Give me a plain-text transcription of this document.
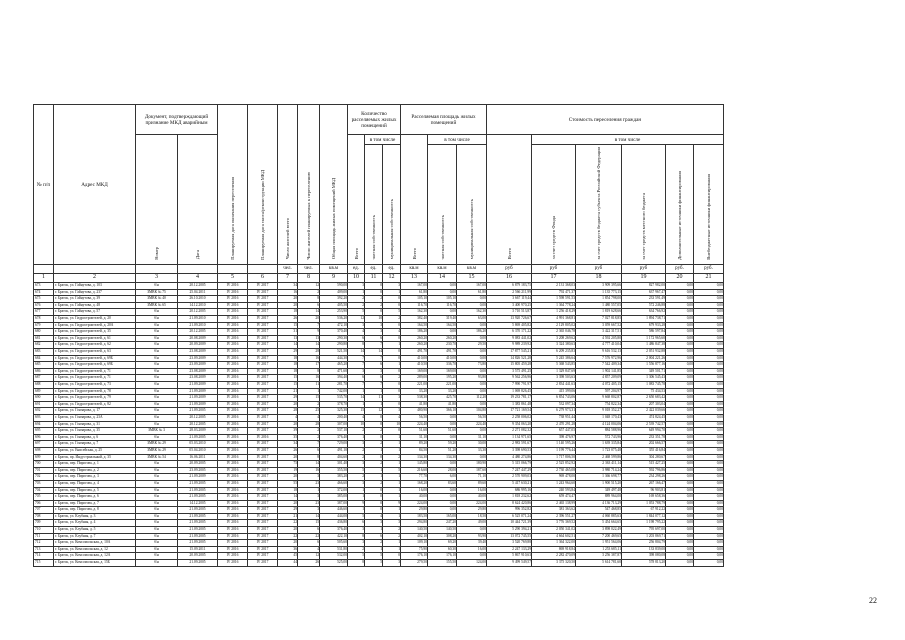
№ п/п	Адрес МКД	Документ, подтверждающий признание МКД аварийным		Планируемая дата окончания переселения	Планируемая дата сноса/реконструкции МКД	Число жителей всего	Число жителей планируемых к переселению	Общая площадь жилых помещений МКД	Количество расселяемых жилых помещений			Расселяемая площадь жилых помещений			Стоимость переселения граждан					
		Номер	Дата						Всего	в том числе		Всего	в том числе		Всего	в том числе				
										частная собственность	муниципальная собственность		частная собственность	муниципальная собственность		за счет средств Фонда	за счет средств бюджета субъекта Российской Федерации	за счет средств местного бюджета	Дополнительные источники финансирования	Внебюджетные источники финансирования
						чел.	чел.	кв.м	ед.	ед.	ед.	кв.м	кв.м	кв.м	руб	руб	руб	руб	руб.	руб.
1	2	3	4	5	6	7	8	9	10	11	12	13	14	15	16	17	18	19	20	21
673	г. Братск, ул. Гайнутова, д. 103	б/н	20.12.2005	IV 2016	IV 2017	34	12	590,00	3	0	3	167,00	0,00	167,00	6 879 183,75	2 131 368,03	3 909 395,66	827 982,00	0,00	0,00
674	г. Братск, ул. Гайнутова, д. 237	ЗМВК № 75	25.04.2011	IV 2016	IV 2017	16	2	409,00	1	0	1	61,80	0,00	61,80	2 566 211,99	792 471,37	1 135 773,15	637 967,47	0,00	0,00
675	г. Братск, ул. Гайнутова, д. 39	ЗМВК № 40	26.10.2010	IV 2016	IV 2017	20	8	392,20	2	2	0	105,10	105,10	0,00	3 667 119,44	1 598 591,53	1 854 798,00	233 591,49	0,00	0,00
676	г. Братск, ул. Гайнутова, д. 48	ЗМВК № 65	14.12.2010	IV 2016	IV 2017	20	6	405,50	2	2	0	116,70	116,70	0,00	3 400 970,25	1 364 778,24	1 480 557,05	572 246,88	0,00	0,00
677	г. Братск, ул. Гайнутова, д. 57	б/н	20.12.2005	IV 2016	IV 2017	18	14	253,90	5	0	5	162,30	0,00	162,30	3 710 513,87	1 256 418,29	1 819 628,66	634 766,92	0,00	0,00
678	г. Братск, ул. Гидростроителей, д. 20	б/н	21.09.2010	IV 2016	IV 2017	26	20	536,20	12	10	2	382,40	319,40	63,00	13 920 726,67	4 991 368,81	7 027 818,85	1 894 738,71	0,00	0,00
679	г. Братск, ул. Гидростроителей, д. 20А	б/н	21.09.2010	IV 2016	IV 2017	15	7	472,10	3	3	0	164,50	164,50	0,00	5 869 405,82	2 129 805,02	3 059 667,52	679 933,28	0,00	0,00
680	г. Братск, ул. Гидростроителей, д. 35	б/н	20.12.2005	IV 2016	IV 2017	31	9	370,40	4	3	4	186,20	0,00	186,20	6 370 171,22	2 365 046,78	3 422 317,51	586 597,84	0,00	0,00
681	г. Братск, ул. Гидростроителей, д. 61	б/н	20.08.2009	IV 2016	IV 2017	13	13	290,30	6	6	0	260,20	260,20	0,00	9 083 441,02	3 208 269,62	4 592 205,80	1 172 965,60	0,00	0,00
682	г. Братск, ул. Гидростроителей, д. 62	б/н	20.09.2009	IV 2016	IV 2017	14	14	290,80	8	7	1	260,20	230,70	29,50	9 989 239,92	3 324 380,63	4 777 410,04	1 486 847,38	0,00	0,00
683	г. Братск, ул. Гидростроителей, д. 63	б/н	23.08.2009	IV 2016	IV 2017	29	28	521,50	14	14	0	491,70	491,70	0,00	17 877 545,21	6 209 235,83	9 616 532,13	2 051 932,88	0,00	0,00
684	г. Братск, ул. Гидростроителей, д. 69Б	б/н	23.09.2009	IV 2016	IV 2017	18	16	444,30	7	7	0	410,00	410,00	0,00	14 826 521,28	5 245 386,64	7 576 972,96	2 004 221,26	0,00	0,00
685	г. Братск, ул. Гидростроителей, д. 69Б	б/н	23.09.2009	IV 2016	IV 2017	18	17	465,20	7	6	1	410,50	336,70	73,80	15 805 459,28	5 368 543,85	7 542 409,34	1 556 877,16	0,00	0,00
686	г. Братск, ул. Гидростроителей, д. 71	б/н	23.08.2009	IV 2016	IV 2017	18	8	471,60	3	3	0	169,00	169,00	0,00	3 575 491,25	1 329 847,69	1 902 141,85	349 501,71	0,00	0,00
687	г. Братск, ул. Гидростроителей, д. 71	б/н	23.08.2009	IV 2016	IV 2017	15	16	394,40	6	6	2	289,00	195,20	93,80	9 562 256,96	3 398 503,63	4 857 209,09	1 306 545,43	0,00	0,00
688	г. Братск, ул. Гидростроителей, д. 73	б/н	21.09.2009	IV 2016	IV 2017	15	11	281,70	7	7	0	221,00	221,00	0,00	7 990 791,97	2 834 441,63	4 072 405,15	1 083 745,78	0,00	0,00
689	г. Братск, ул. Гидростроителей, д. 78	б/н	21.09.2009	IV 2016	IV 2017	21	1	742,00	1	1	0	33,20	33,20	0,00	1 069 826,45	415 399,06	597 204,97	75 434,53	0,00	0,00
690	г. Братск, ул. Гидростроителей, д. 79	б/н	21.09.2009	IV 2016	IV 2017	29	15	535,70	14	11	3	538,30	425,70	112,20	19 233 781,17	6 854 743,06	9 668 802,87	2 650 683,42	0,00	0,00
691	г. Братск, ул. Гидростроителей, д. 82	б/н	21.09.2009	IV 2016	IV 2017	20	2	378,70	1	1	0	41,80	41,80	0,00	1 383 861,48	532 097,34	754 822,34	207 303,04	0,00	0,00
692	г. Братск, ул. Гончарова, д. 17	б/н	21.09.2005	IV 2016	IV 2017	28	25	325,30	15	12	3	480,90	366,10	104,80	17 721 169,54	6 279 973,31	9 018 352,27	2 422 039,66	0,00	0,00
693	г. Братск, ул. Гончарова, д. 23А	б/н	20.12.2005	IV 2016	IV 2017	4	4	200,40	4	0	4	56,50	0,00	56,50	2 258 006,02	738 951,44	1 048 170,43	474 824,45	0,00	0,00
694	г. Братск, ул. Гончарова, д. 31	б/н	20.12.2005	IV 2016	IV 2017	20	28	307,00	10	0	10	224,40	0,00	224,40	9 354 063,20	2 470 291,28	4 124 004,06	2 539 742,57	0,00	0,00
695	г. Братск, ул. Гончарова, д. 35	ЗМВК № 3	28.03.2009	IV 2016	IV 2017	39	2	537,10	2	2	0	51,60	51,60	0,00	2 271 082,32	657 447,05	884 588,96	649 994,70	0,00	0,00
696	г. Братск, ул. Гончарова, д. 6	б/н	21.09.2005	IV 2016	IV 2016	35	2	376,40	1	0	1	31,10	0,00	31,10	1 134 971,65	398 476,97	572 743,96	233 351,78	0,00	0,00
697	г. Братск, ул. Гончарова, д. 7	ЗМВК № 29	05.03.2010	IV 2016	IV 2017	34	7	729,00	3	2	1	89,20	59,20	30,00	2 983 591,67	1 140 595,26	1 639 335,84	202 666,57	0,00	0,00
698	г. Братск, ул. Енисейская, д. 25	ЗМВК № 29	05.04.2010	IV 2016	IV 2017	26	6	491,10	2	1	1	84,50	51,20	33,30	3 398 690,53	1 199 776,44	1 723 075,48	355 416,84	0,00	0,00
699	г. Братск, пр. Индустриальный, д. 35	ЗМВК № 54	16.06.2011	IV 2016	IV 2017	20	8	404,60	2	0	2	134,30	134,30	0,00	4 480 274,86	1 717 806,50	2 468 599,86	304 280,67	0,00	0,00
700	г. Братск, пер. Пирогова, д. 1	б/н	20.09.2005	IV 2016	IV 2017	75	14	301,40	3	2	1	145,80	0,00	180,90	5 315 066,79	2 525 852,92	2 363 411,14	515 427,25	0,00	0,00
701	г. Братск, пер. Пирогова, д. 2	б/н	23.09.2005	IV 2016	IV 2017	19	16	355,50	5	1	5	216,60	28,00	187,60	7 247 447,29	2 730 465,08	3 980 714,24	592 796,86	0,00	0,00
702	г. Братск, пер. Пирогова, д. 3	б/н	21.09.2009	IV 2016	IV 2017	20	3	383,20	2	1	1	77,70	6,00	71,10	2 570 909,03	969 478,00	1 366 698,77	234 298,26	0,00	0,00
703	г. Братск, пер. Пирогова, д. 4	б/н	21.09.2005	IV 2016	IV 2017	55	23	466,60	3	2	1	168,20	83,60	89,60	5 417 630,21	1 243 964,60	1 900 515,20	267 166,47	0,00	0,00
704	г. Братск, пер. Пирогова, д. 5	б/н	21.09.2005	IV 2016	IV 2017	18	1	372,00	1	0	1	16,00	0,00	16,00	686 995,16	240 593,84	349 497,48	96 903,81	0,00	0,00
705	г. Братск, пер. Пирогова, д. 6	б/н	21.09.2005	IV 2016	IV 2017	14	3	385,00	1	0	1	40,00	0,00	40,00	1 818 232,62	659 474,47	889 964,00	169 658,36	0,00	0,00
706	г. Братск, пер. Пирогова, д. 7	б/н	14.12.2005	IV 2016	IV 2017	20	23	387,00	9	0	9	224,00	0,00	224,00	8 624 420,86	2 465 138,99	4 136 713,29	1 053 788,79	0,00	0,00
707	г. Братск, пер. Пирогова, д. 8	б/н	21.09.2005	IV 2016	IV 2017	29	3	446,60	1	0	1	29,80	0,00	29,80	996 352,82	381 363,62	547 468,85	67 912,22	0,00	0,00
708	г. Братск, ул. Клубная, д. 3	б/н	21.09.2005	IV 2016	IV 2017	21	14	444,00	5	4	1	183,50	165,00	18,50	6 525 071,24	2 396 551,27	4 060 885,63	1 844 077,12	0,00	0,00
709	г. Братск, ул. Клубная, д. 4	б/н	21.09.2005	IV 2016	IV 2017	22	15	436,80	6	3	3	294,80	247,20	49,00	10 444 721,39	3 776 369,52	5 454 664,65	1 198 795,22	0,00	0,00
710	г. Братск, ул. Клубная, д. 5	б/н	21.09.2005	IV 2016	IV 2017	20	6	376,40	3	1	2	140,50	140,50	0,00	5 290 394,21	2 050 341,02	3 898 022,49	795 697,00	0,00	0,00
711	г. Братск, ул. Клубная, д. 7	б/н	21.09.2005	IV 2016	IV 2017	22	22	422,10	8	6	2	402,10	308,20	93,90	13 072 745,55	4 664 602,51	7 200 469,65	1 203 869,71	0,00	0,00
712	г. Братск, ул. Комсомольская, д. 10А	б/н	21.09.2005	IV 2016	IV 2017	20	6	505,60	3	2	1	109,10	69,20	39,40	3 520 769,88	1 364 322,00	1 951 564,06	256 804,79	0,00	0,00
713	г. Братск, ул. Комсомольская, д. 12	б/н	15.09.2011	IV 2016	IV 2017	36	4	531,80	2	1	1	75,90	60,30	16,00	2 247 133,29	869 918,84	1 253 685,11	133 839,00	0,00	0,00
714	г. Братск, ул. Комсомольская, д. 12А	б/н	20.09.2005	IV 2016	IV 2017	45	12	532,00	5	5	0	176,10	176,10	0,00	5 867 910,63	2 282 470,09	3 256 387,87	398 080,08	0,00	0,00
715	г. Братск, ул. Комсомольская, д. 15Б	б/н	21.09.2005	IV 2016	IV 2017	44	26	525,00	8	5	3	279,50	155,50	124,00	9 499 549,57	3 375 320,50	5 614 781,60	578 813,20	0,00	0,00
22
